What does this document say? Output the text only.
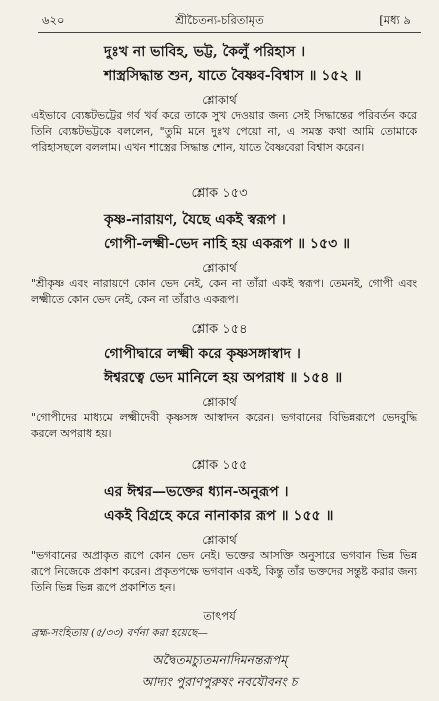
৬২০	শ্রীচৈতন্য-চরিতামৃত	[মধ্য ৯
দুঃখ না ভাবিহ, ভট্ট, কৈলুঁ পরিহাস ।
শাস্ত্রসিদ্ধান্ত শুন, যাতে বৈষ্ণব-বিশ্বাস ॥ ১৫২ ॥
শ্লোকার্থ
এইভাবে ব্যেঙ্কটভট্টের গর্ব খর্ব করে তাকে সুখ দেওয়ার জন্য সেই সিদ্ধান্তের পরিবর্তন করে তিনি ব্যেঙ্কটভট্টকে বললেন, "তুমি মনে দুঃখ পেয়ো না, এ সমস্ত কথা আমি তোমাকে পরিহাসছলে বললাম। এখন শাস্ত্রের সিদ্ধান্ত শোন, যাতে বৈষ্ণবেরা বিশ্বাস করেন।
শ্লোক ১৫৩
কৃষ্ণ-নারায়ণ, যৈছে একই স্বরূপ ।
গোপী-লক্ষ্মী-ভেদ নাহি হয় একরূপ ॥ ১৫৩ ॥
শ্লোকার্থ
"শ্রীকৃষ্ণ এবং নারায়ণে কোন ভেদ নেই, কেন না তাঁরা একই স্বরূপ। তেমনই, গোপী এবং লক্ষ্মীতে কোন ভেদ নেই, কেন না তাঁরাও একরূপ।
শ্লোক ১৫৪
গোপীদ্বারে লক্ষ্মী করে কৃষ্ণসঙ্গাস্বাদ ।
ঈশ্বরত্বে ভেদ মানিলে হয় অপরাধ ॥ ১৫৪ ॥
শ্লোকার্থ
"গোপীদের মাধ্যমে লক্ষ্মীদেবী কৃষ্ণসঙ্গ আস্বাদন করেন। ভগবানের বিভিন্নরূপে ভেদবুদ্ধি করলে অপরাধ হয়।
শ্লোক ১৫৫
এর ঈশ্বর—ভক্তের ধ্যান-অনুরূপ ।
একই বিগ্রহে করে নানাকার রূপ ॥ ১৫৫ ॥
শ্লোকার্থ
"ভগবানের অপ্রাকৃত রূপে কোন ভেদ নেই। ভক্তের আসক্তি অনুসারে ভগবান ভিন্ন ভিন্ন রূপে নিজেকে প্রকাশ করেন। প্রকৃতপক্ষে ভগবান একই, কিন্তু তাঁর ভক্তদের সন্তুষ্ট করার জন্য তিনি ভিন্ন ভিন্ন রূপে প্রকাশিত হন।
তাৎপর্য
ব্রহ্ম-সংহিতায় (৫/৩৩) বর্ণনা করা হয়েছে—
অদ্বৈতমচ্যুতমনাদিমনন্তরূপম্
আদ্যং পুরাণপুরুষং নবযৌবনং চ
